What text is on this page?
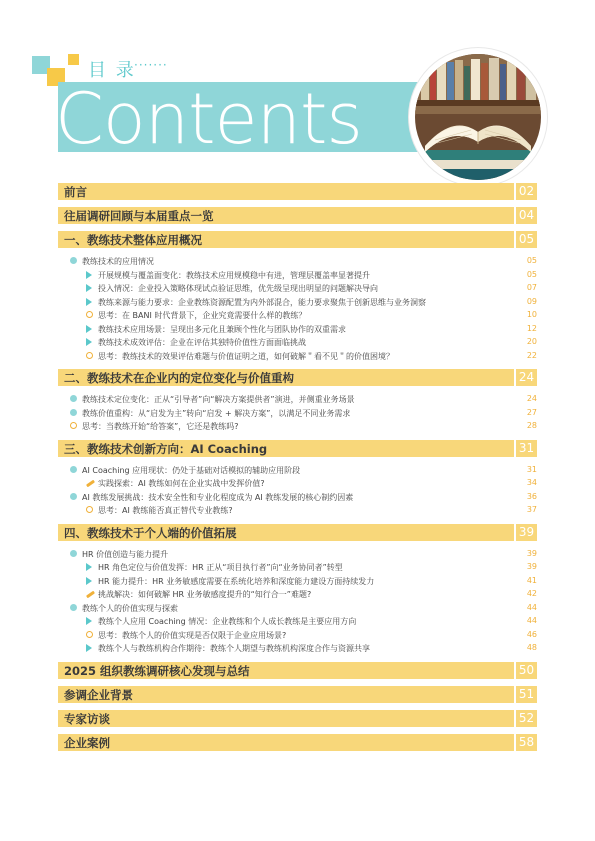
目 录
·······
Contents
前言	02
往届调研回顾与本届重点一览	04
一、教练技术整体应用概况	05
教练技术的应用情况	05
开展规模与覆盖面变化：教练技术应用规模稳中有进，管理层覆盖率显著提升	05
投入情况：企业投入策略体现试点验证思维，优先级呈现出明显的问题解决导向	07
教练来源与能力要求：企业教练资源配置为内外部混合，能力要求聚焦于创新思维与业务洞察	09
思考：在 BANI 时代背景下，企业究竟需要什么样的教练？	10
教练技术应用场景：呈现出多元化且兼顾个性化与团队协作的双重需求	12
教练技术成效评估：企业在评估其独特价值性方面面临挑战	20
思考：教练技术的效果评估难题与价值证明之道，如何破解＂看不见＂的价值困境？	22
二、教练技术在企业内的定位变化与价值重构	24
教练技术定位变化：正从“引导者”向“解决方案提供者”演进，并侧重业务场景	24
教练价值重构：从“启发为主”转向“启发 + 解决方案”，以满足不同业务需求	27
思考：当教练开始“给答案”，它还是教练吗?	28
三、教练技术创新方向：AI Coaching	31
AI Coaching 应用现状：仍处于基础对话模拟的辅助应用阶段	31
实践探索：AI 教练如何在企业实战中发挥价值?	34
AI 教练发展挑战：技术安全性和专业化程度成为 AI 教练发展的核心制约因素	36
思考：AI 教练能否真正替代专业教练?	37
四、教练技术于个人端的价值拓展	39
HR 价值创造与能力提升	39
HR 角色定位与价值发挥：HR 正从“项目执行者”向“业务协同者”转型	39
HR 能力提升：HR 业务敏感度需要在系统化培养和深度能力建设方面持续发力	41
挑战解决：如何破解 HR 业务敏感度提升的“知行合一”难题?	42
教练个人的价值实现与探索	44
教练个人应用 Coaching 情况：企业教练和个人成长教练是主要应用方向	44
思考：教练个人的价值实现是否仅限于企业应用场景?	46
教练个人与教练机构合作期待：教练个人期望与教练机构深度合作与资源共享	48
2025 组织教练调研核心发现与总结	50
参调企业背景	51
专家访谈	52
企业案例	58
